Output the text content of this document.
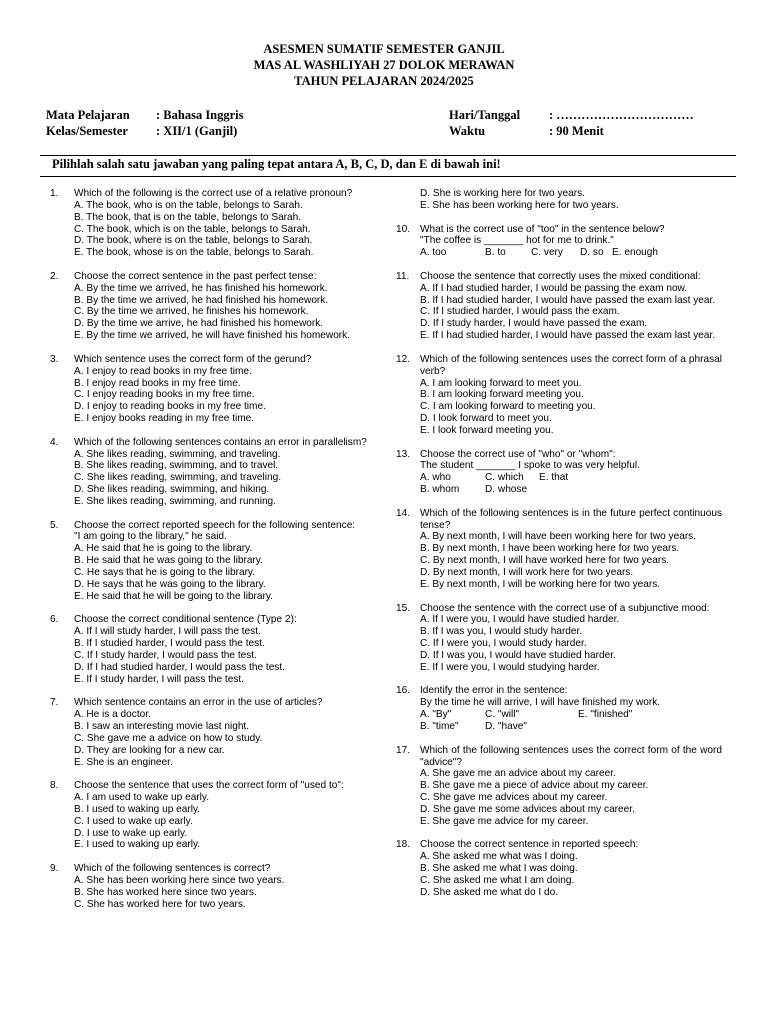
ASESMEN SUMATIF SEMESTER GANJIL
MAS AL WASHLIYAH 27 DOLOK MERAWAN
TAHUN PELAJARAN 2024/2025
Mata Pelajaran : Bahasa Inggris
Kelas/Semester : XII/1 (Ganjil)
Hari/Tanggal : ……………………………
Waktu	: 90 Menit
Pilihlah salah satu jawaban yang paling tepat antara A, B, C, D, dan E di bawah ini!
1. Which of the following is the correct use of a relative pronoun?
A. The book, who is on the table, belongs to Sarah.
B. The book, that is on the table, belongs to Sarah.
C. The book, which is on the table, belongs to Sarah.
D. The book, where is on the table, belongs to Sarah.
E. The book, whose is on the table, belongs to Sarah.
2. Choose the correct sentence in the past perfect tense:
A. By the time we arrived, he has finished his homework.
B. By the time we arrived, he had finished his homework.
C. By the time we arrived, he finishes his homework.
D. By the time we arrive, he had finished his homework.
E. By the time we arrived, he will have finished his homework.
3. Which sentence uses the correct form of the gerund?
A. I enjoy to read books in my free time.
B. I enjoy read books in my free time.
C. I enjoy reading books in my free time.
D. I enjoy to reading books in my free time.
E. I enjoy books reading in my free time.
4. Which of the following sentences contains an error in parallelism?
A. She likes reading, swimming, and traveling.
B. She likes reading, swimming, and to travel.
C. She likes reading, swimming, and traveling.
D. She likes reading, swimming, and hiking.
E. She likes reading, swimming, and running.
5. Choose the correct reported speech for the following sentence:
"I am going to the library," he said.
A. He said that he is going to the library.
B. He said that he was going to the library.
C. He says that he is going to the library.
D. He says that he was going to the library.
E. He said that he will be going to the library.
6. Choose the correct conditional sentence (Type 2):
A. If I will study harder, I will pass the test.
B. If I studied harder, I would pass the test.
C. If I study harder, I would pass the test.
D. If I had studied harder, I would pass the test.
E. If I study harder, I will pass the test.
7. Which sentence contains an error in the use of articles?
A. He is a doctor.
B. I saw an interesting movie last night.
C. She gave me a advice on how to study.
D. They are looking for a new car.
E. She is an engineer.
8. Choose the sentence that uses the correct form of "used to":
A. I am used to wake up early.
B. I used to waking up early.
C. I used to wake up early.
D. I use to wake up early.
E. I used to waking up early.
9. Which of the following sentences is correct?
A. She has been working here since two years.
B. She has worked here since two years.
C. She has worked here for two years.
D. She is working here for two years.
E. She has been working here for two years.
10. What is the correct use of "too" in the sentence below?
"The coffee is _______ hot for me to drink."
A. too	B. to C. very D. so E. enough
11. Choose the sentence that correctly uses the mixed conditional:
A. If I had studied harder, I would be passing the exam now.
B. If I had studied harder, I would have passed the exam last year.
C. If I studied harder, I would pass the exam.
D. If I study harder, I would have passed the exam.
E. If I had studied harder, I would have passed the exam last year.
12. Which of the following sentences uses the correct form of a phrasal verb?
A. I am looking forward to meet you.
B. I am looking forward meeting you.
C. I am looking forward to meeting you.
D. I look forward to meet you.
E. I look forward meeting you.
13. Choose the correct use of "who" or "whom":
The student _______ I spoke to was very helpful.
A. who	C. which E. that
B. whom	D. whose
14. Which of the following sentences is in the future perfect continuous tense?
A. By next month, I will have been working here for two years.
B. By next month, I have been working here for two years.
C. By next month, I will have worked here for two years.
D. By next month, I will work here for two years.
E. By next month, I will be working here for two years.
15. Choose the sentence with the correct use of a subjunctive mood:
A. If I were you, I would have studied harder.
B. If I was you, I would study harder.
C. If I were you, I would study harder.
D. If I was you, I would have studied harder.
E. If I were you, I would studying harder.
16. Identify the error in the sentence:
By the time he will arrive, I will have finished my work.
A. "By"	C. "will"	E. "finished"
B. "time"	D. "have"
17. Which of the following sentences uses the correct form of the word "advice"?
A. She gave me an advice about my career.
B. She gave me a piece of advice about my career.
C. She gave me advices about my career.
D. She gave me some advices about my career.
E. She gave me advice for my career.
18. Choose the correct sentence in reported speech:
A. She asked me what was I doing.
B. She asked me what I was doing.
C. She asked me what I am doing.
D. She asked me what do I do.
